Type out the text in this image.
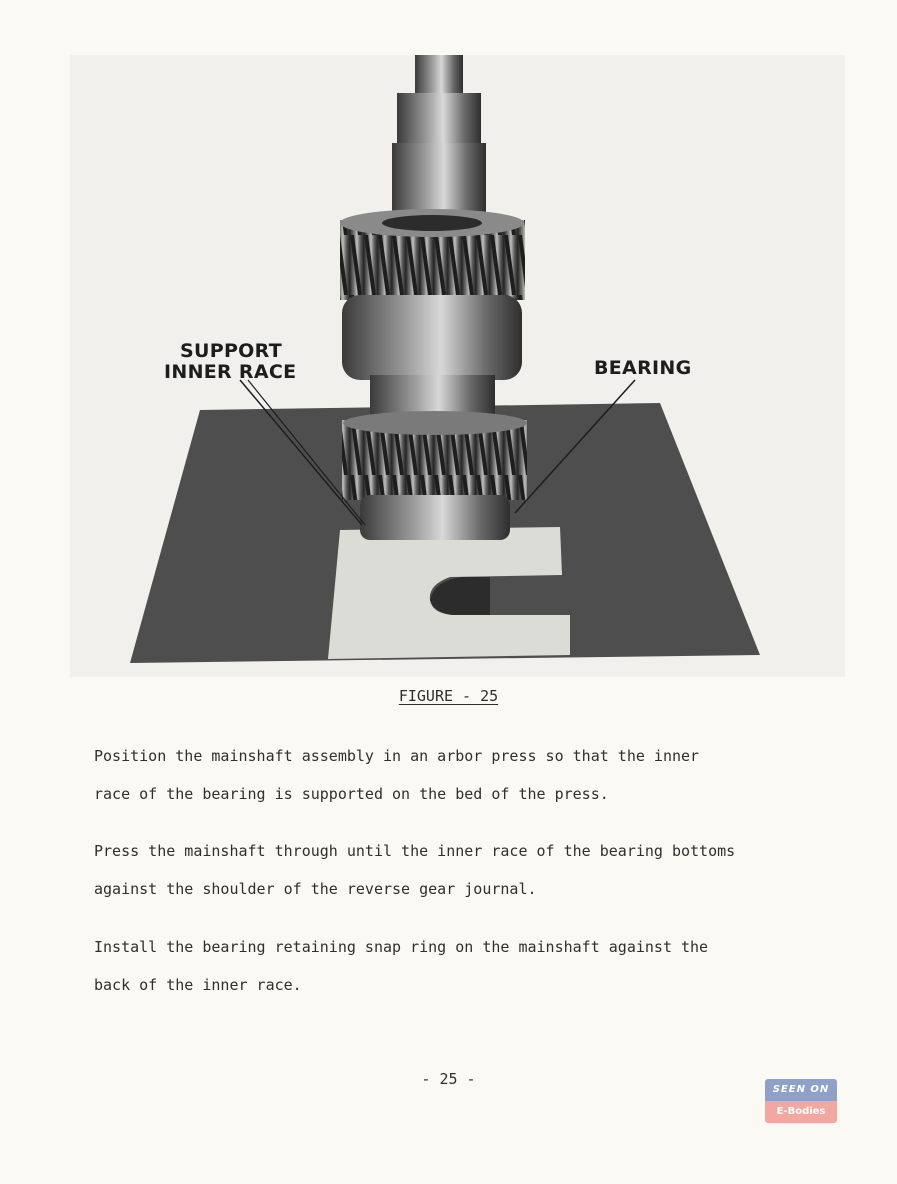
SUPPORT
INNER RACE	BEARING
FIGURE - 25

Position the mainshaft assembly in an arbor press so that the inner
race of the bearing is supported on the bed of the press.

Press the mainshaft through until the inner race of the bearing bottoms
against the shoulder of the reverse gear journal.

Install the bearing retaining snap ring on the mainshaft against the
back of the inner race.

- 25 -
SEEN ON
E-Bodies
